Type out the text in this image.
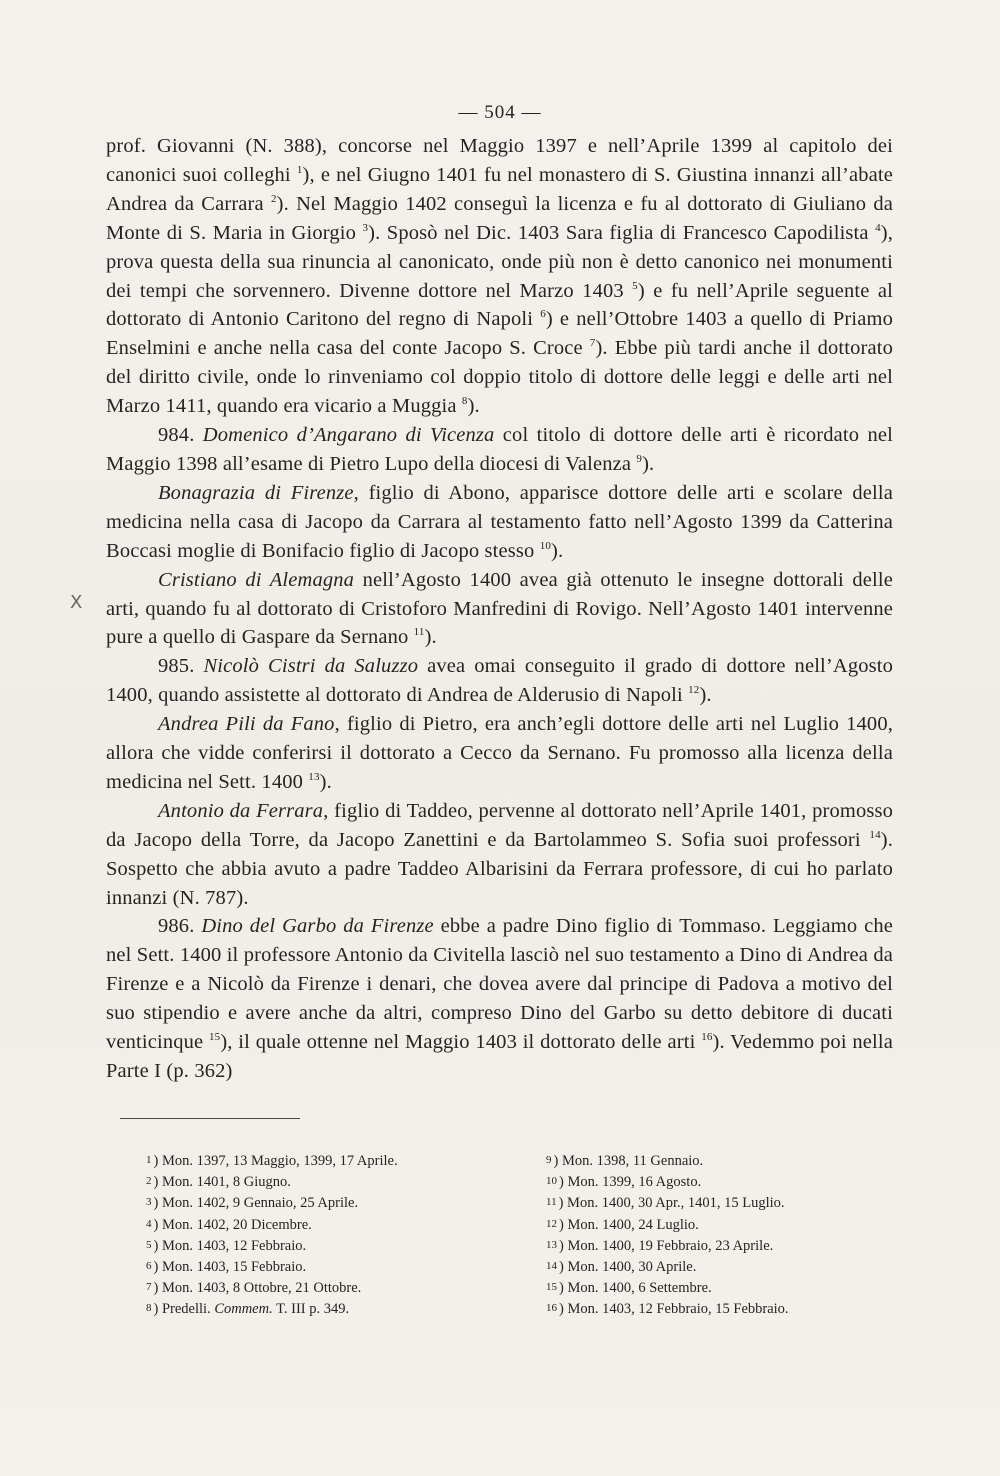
— 504 —
X

prof. Giovanni (N. 388), concorse nel Maggio 1397 e nell’Aprile 1399 al capitolo dei canonici suoi colleghi $^1$), e nel Giugno 1401 fu nel monastero di S. Giustina innanzi all’abate Andrea da Carrara $^2$). Nel Maggio 1402 conseguì la licenza e fu al dottorato di Giuliano da Monte di S. Maria in Giorgio $^3$). Sposò nel Dic. 1403 Sara figlia di Francesco Capodilista $^4$), prova questa della sua rinuncia al canonicato, onde più non è detto canonico nei monumenti dei tempi che sorvennero. Divenne dottore nel Marzo 1403 $^5$) e fu nell’Aprile seguente al dottorato di Antonio Caritono del regno di Napoli $^6$) e nell’Ottobre 1403 a quello di Priamo Enselmini e anche nella casa del conte Jacopo S. Croce $^7$). Ebbe più tardi anche il dottorato del diritto civile, onde lo rinveniamo col doppio titolo di dottore delle leggi e delle arti nel Marzo 1411, quando era vicario a Muggia $^8$).

984. Domenico d’Angarano di Vicenza col titolo di dottore delle arti è ricordato nel Maggio 1398 all’esame di Pietro Lupo della diocesi di Valenza $^9$).

Bonagrazia di Firenze, figlio di Abono, apparisce dottore delle arti e scolare della medicina nella casa di Jacopo da Carrara al testamento fatto nell’Agosto 1399 da Catterina Boccasi moglie di Bonifacio figlio di Jacopo stesso $^{10}$).

Cristiano di Alemagna nell’Agosto 1400 avea già ottenuto le insegne dottorali delle arti, quando fu al dottorato di Cristoforo Manfredini di Rovigo. Nell’Agosto 1401 intervenne pure a quello di Gaspare da Sernano $^{11}$).

985. Nicolò Cistri da Saluzzo avea omai conseguito il grado di dottore nell’Agosto 1400, quando assistette al dottorato di Andrea de Alderusio di Napoli $^{12}$).

Andrea Pili da Fano, figlio di Pietro, era anch’egli dottore delle arti nel Luglio 1400, allora che vidde conferirsi il dottorato a Cecco da Sernano. Fu promosso alla licenza della medicina nel Sett. 1400 $^{13}$).

Antonio da Ferrara, figlio di Taddeo, pervenne al dottorato nell’Aprile 1401, promosso da Jacopo della Torre, da Jacopo Zanettini e da Bartolammeo S. Sofia suoi professori $^{14}$). Sospetto che abbia avuto a padre Taddeo Albarisini da Ferrara professore, di cui ho parlato innanzi (N. 787).

986. Dino del Garbo da Firenze ebbe a padre Dino figlio di Tommaso. Leggiamo che nel Sett. 1400 il professore Antonio da Civitella lasciò nel suo testamento a Dino di Andrea da Firenze e a Nicolò da Firenze i denari, che dovea avere dal principe di Padova a motivo del suo stipendio e avere anche da altri, compreso Dino del Garbo su detto debitore di ducati venticinque $^{15}$), il quale ottenne nel Maggio 1403 il dottorato delle arti $^{16}$). Vedemmo poi nella Parte I (p. 362)

1 ) Mon. 1397, 13 Maggio, 1399, 17 Aprile.
2 ) Mon. 1401, 8 Giugno.
3 ) Mon. 1402, 9 Gennaio, 25 Aprile.
4 ) Mon. 1402, 20 Dicembre.
5 ) Mon. 1403, 12 Febbraio.
6 ) Mon. 1403, 15 Febbraio.
7 ) Mon. 1403, 8 Ottobre, 21 Ottobre.
8 ) Predelli. Commem. T. III p. 349.
9 ) Mon. 1398, 11 Gennaio.
10 ) Mon. 1399, 16 Agosto.
11 ) Mon. 1400, 30 Apr., 1401, 15 Luglio.
12 ) Mon. 1400, 24 Luglio.
13 ) Mon. 1400, 19 Febbraio, 23 Aprile.
14 ) Mon. 1400, 30 Aprile.
15 ) Mon. 1400, 6 Settembre.
16 ) Mon. 1403, 12 Febbraio, 15 Febbraio.
